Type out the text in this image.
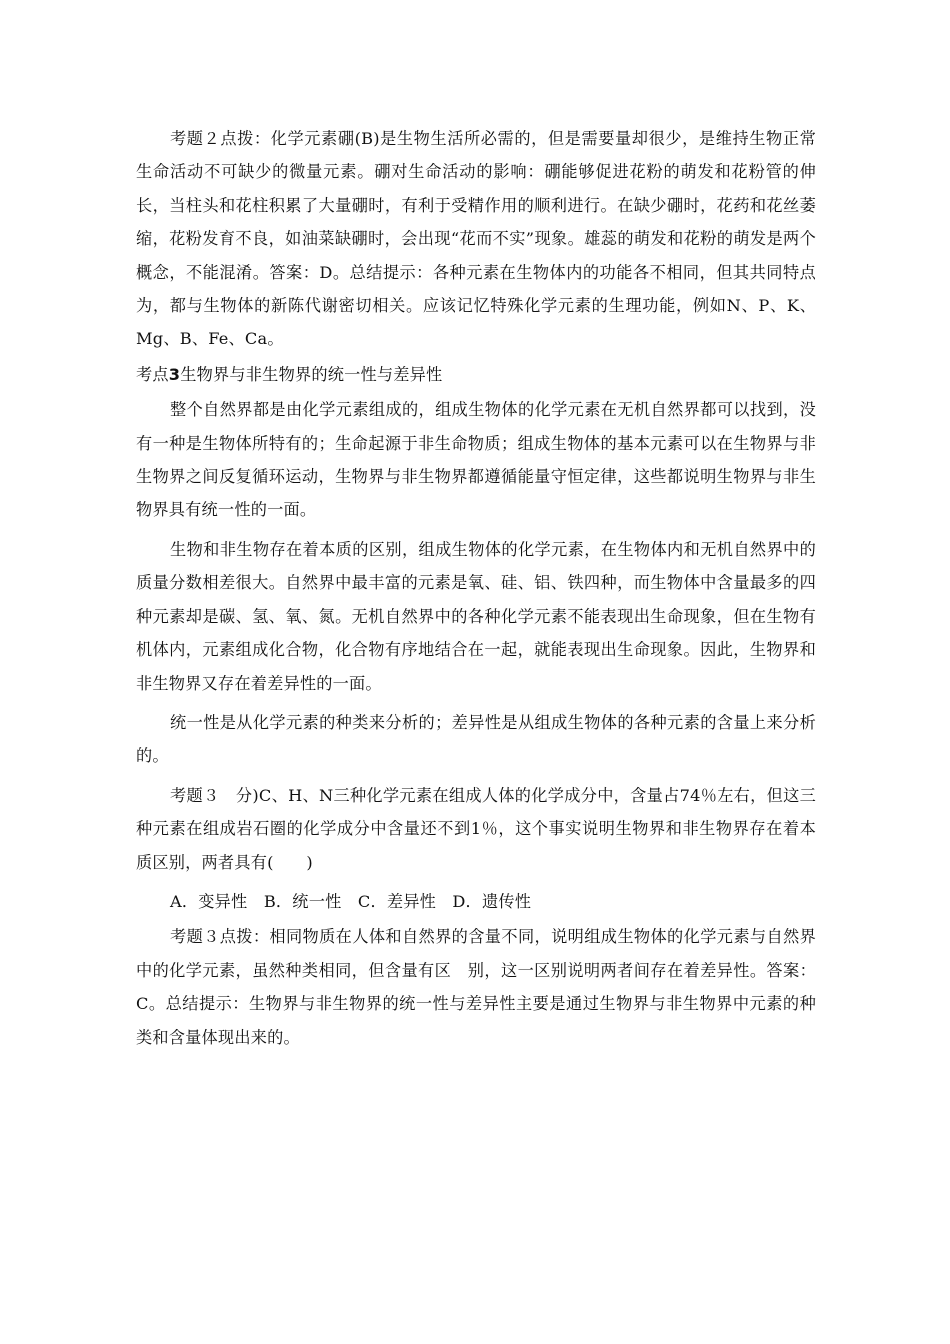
考题２点拨：化学元素硼(B)是生物生活所必需的，但是需要量却很少，是维持生物正常生命活动不可缺少的微量元素。硼对生命活动的影响：硼能够促进花粉的萌发和花粉管的伸长，当柱头和花柱积累了大量硼时，有利于受精作用的顺利进行。在缺少硼时，花药和花丝萎缩，花粉发育不良，如油菜缺硼时，会出现“花而不实”现象。雄蕊的萌发和花粉的萌发是两个概念，不能混淆。答案：D。总结提示：各种元素在生物体内的功能各不相同，但其共同特点为，都与生物体的新陈代谢密切相关。应该记忆特殊化学元素的生理功能，例如N、P、K、Mg、B、Fe、Ca。

考点3生物界与非生物界的统一性与差异性

整个自然界都是由化学元素组成的，组成生物体的化学元素在无机自然界都可以找到，没有一种是生物体所特有的；生命起源于非生命物质；组成生物体的基本元素可以在生物界与非生物界之间反复循环运动，生物界与非生物界都遵循能量守恒定律，这些都说明生物界与非生物界具有统一性的一面。

生物和非生物存在着本质的区别，组成生物体的化学元素，在生物体内和无机自然界中的质量分数相差很大。自然界中最丰富的元素是氧、硅、铝、铁四种，而生物体中含量最多的四种元素却是碳、氢、氧、氮。无机自然界中的各种化学元素不能表现出生命现象，但在生物有机体内，元素组成化合物，化合物有序地结合在一起，就能表现出生命现象。因此，生物界和非生物界又存在着差异性的一面。

统一性是从化学元素的种类来分析的；差异性是从组成生物体的各种元素的含量上来分析的。

考题３　分)C、H、N三种化学元素在组成人体的化学成分中，含量占74％左右，但这三种元素在组成岩石圈的化学成分中含量还不到1％，这个事实说明生物界和非生物界存在着本质区别，两者具有(　　)

A．变异性　B．统一性　C．差异性　D．遗传性

考题３点拨：相同物质在人体和自然界的含量不同，说明组成生物体的化学元素与自然界中的化学元素，虽然种类相同，但含量有区　别，这一区别说明两者间存在着差异性。答案：C。总结提示：生物界与非生物界的统一性与差异性主要是通过生物界与非生物界中元素的种类和含量体现出来的。
